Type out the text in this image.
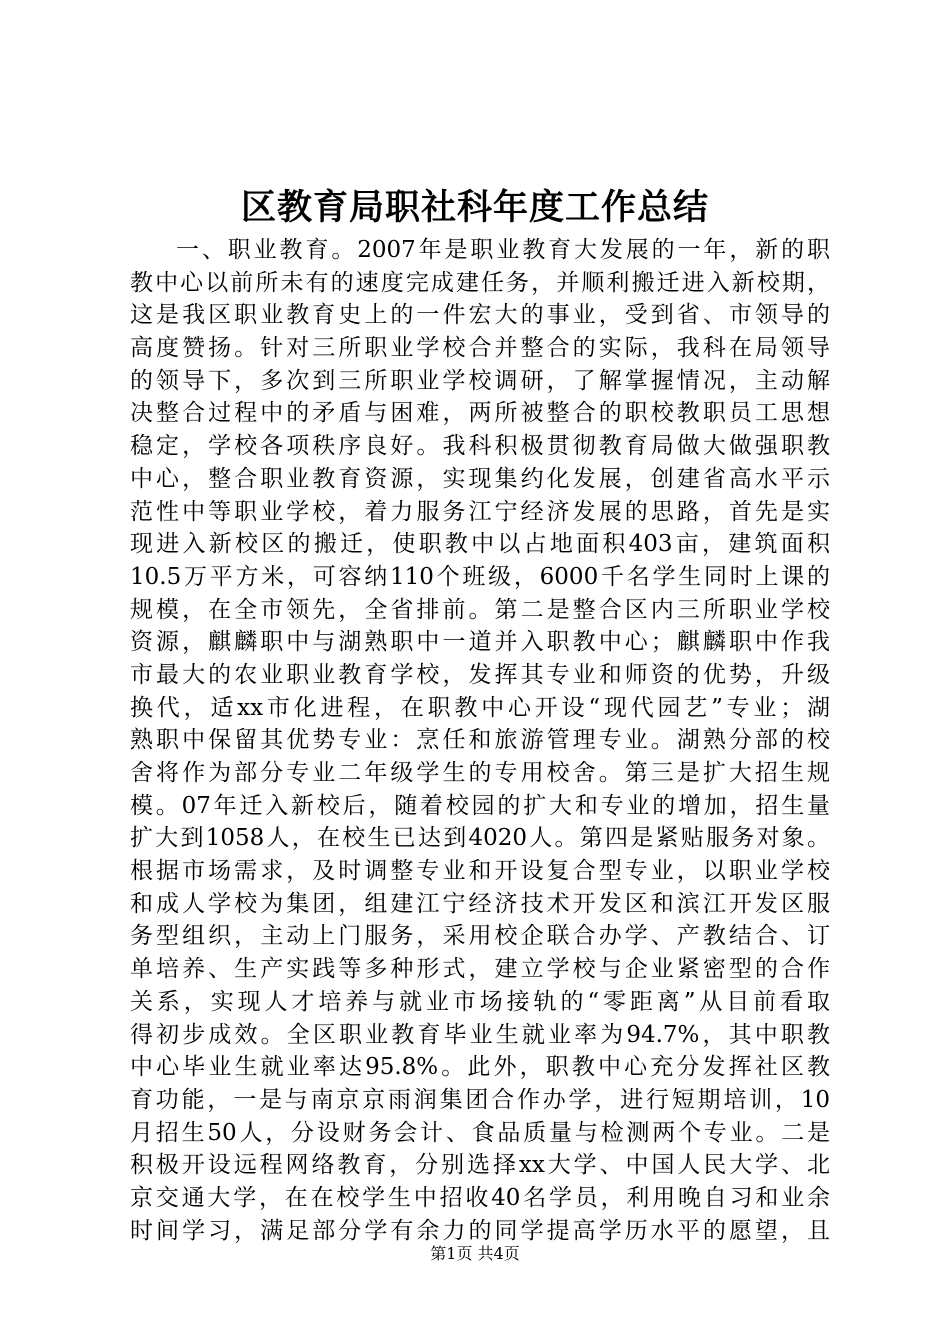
区教育局职社科年度工作总结
一、职业教育。2007年是职业教育大发展的一年，新的职
教中心以前所未有的速度完成建任务，并顺利搬迁进入新校期，
这是我区职业教育史上的一件宏大的事业，受到省、市领导的
高度赞扬。针对三所职业学校合并整合的实际，我科在局领导
的领导下，多次到三所职业学校调研，了解掌握情况，主动解
决整合过程中的矛盾与困难，两所被整合的职校教职员工思想
稳定，学校各项秩序良好。我科积极贯彻教育局做大做强职教
中心，整合职业教育资源，实现集约化发展，创建省高水平示
范性中等职业学校，着力服务江宁经济发展的思路，首先是实
现进入新校区的搬迁，使职教中以占地面积403亩，建筑面积
10.5万平方米，可容纳110个班级，6000千名学生同时上课的
规模，在全市领先，全省排前。第二是整合区内三所职业学校
资源，麒麟职中与湖熟职中一道并入职教中心；麒麟职中作我
市最大的农业职业教育学校，发挥其专业和师资的优势，升级
换代，适xx市化进程，在职教中心开设“现代园艺”专业；湖
熟职中保留其优势专业：烹任和旅游管理专业。湖熟分部的校
舍将作为部分专业二年级学生的专用校舍。第三是扩大招生规
模。07年迁入新校后，随着校园的扩大和专业的增加，招生量
扩大到1058人，在校生已达到4020人。第四是紧贴服务对象。
根据市场需求，及时调整专业和开设复合型专业，以职业学校
和成人学校为集团，组建江宁经济技术开发区和滨江开发区服
务型组织，主动上门服务，采用校企联合办学、产教结合、订
单培养、生产实践等多种形式，建立学校与企业紧密型的合作
关系，实现人才培养与就业市场接轨的“零距离”从目前看取
得初步成效。全区职业教育毕业生就业率为94.7%，其中职教
中心毕业生就业率达95.8%。此外，职教中心充分发挥社区教
育功能，一是与南京京雨润集团合作办学，进行短期培训，10
月招生50人，分设财务会计、食品质量与检测两个专业。二是
积极开设远程网络教育，分别选择xx大学、中国人民大学、北
京交通大学，在在校学生中招收40名学员，利用晚自习和业余
时间学习，满足部分学有余力的同学提高学历水平的愿望，且
第1页 共4页
